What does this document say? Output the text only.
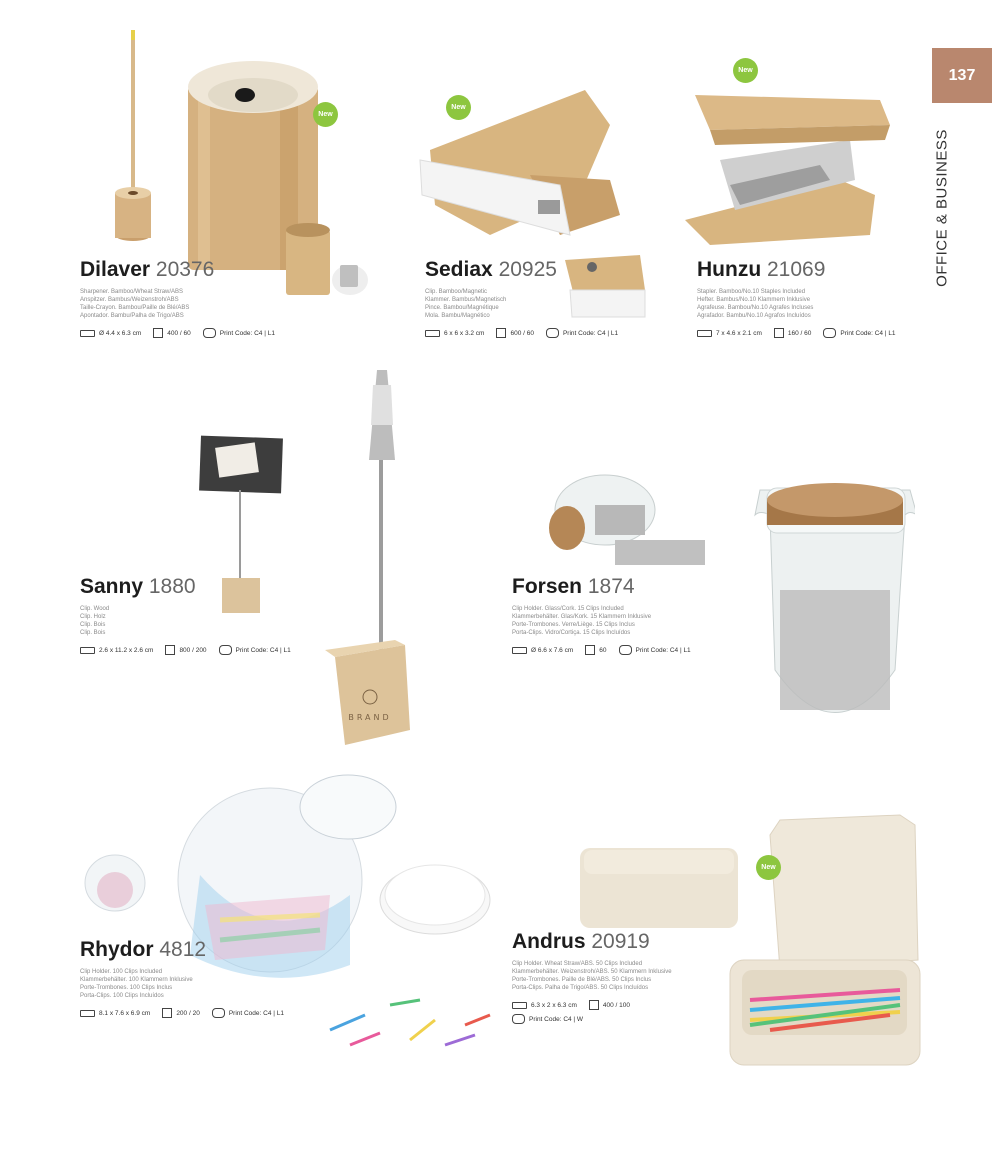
137
OFFICE & BUSINESS
New
Dilaver 20376
Sharpener. Bamboo/Wheat Straw/ABS
Anspitzer. Bambus/Weizenstroh/ABS
Taille-Crayon. Bambou/Paille de Blé/ABS
Apontador. Bambu/Palha de Trigo/ABS
Ø 4.4 x 6.3 cm	400 / 60	Print Code: C4 | L1
New
Sediax 20925
Clip. Bamboo/Magnetic
Klammer. Bambus/Magnetisch
Pince. Bambou/Magnétique
Mola. Bambu/Magnético
6 x 6 x 3.2 cm	600 / 60	Print Code: C4 | L1
New
Hunzu 21069
Stapler. Bamboo/No.10 Staples Included
Hefter. Bambus/No.10 Klammern Inklusive
Agrafeuse. Bambou/No.10 Agrafes Incluses
Agrafador. Bambu/No.10 Agrafos Incluídos
7 x 4.6 x 2.1 cm	160 / 60	Print Code: C4 | L1
BRAND
Sanny 1880
Clip. Wood
Clip. Holz
Clip. Bois
Clip. Bois
2.6 x 11.2 x 2.6 cm	800 / 200	Print Code: C4 | L1
Forsen 1874
Clip Holder. Glass/Cork. 15 Clips Included
Klammerbehälter. Glas/Kork. 15 Klammern Inklusive
Porte-Trombones. Verre/Liège. 15 Clips Inclus
Porta-Clips. Vidro/Cortiça. 15 Clips Incluídos
Ø 6.6 x 7.6 cm	60	Print Code: C4 | L1
Rhydor 4812
Clip Holder. 100 Clips Included
Klammerbehälter. 100 Klammern Inklusive
Porte-Trombones. 100 Clips Inclus
Porta-Clips. 100 Clips Incluídos
8.1 x 7.6 x 6.9 cm	200 / 20	Print Code: C4 | L1
New
Andrus 20919
Clip Holder. Wheat Straw/ABS. 50 Clips Included
Klammerbehälter. Weizenstroh/ABS. 50 Klammern Inklusive
Porte-Trombones. Paille de Blé/ABS. 50 Clips Inclus
Porta-Clips. Palha de Trigo/ABS. 50 Clips Incluídos
6.3 x 2 x 6.3 cm	400 / 100
Print Code: C4 | W
